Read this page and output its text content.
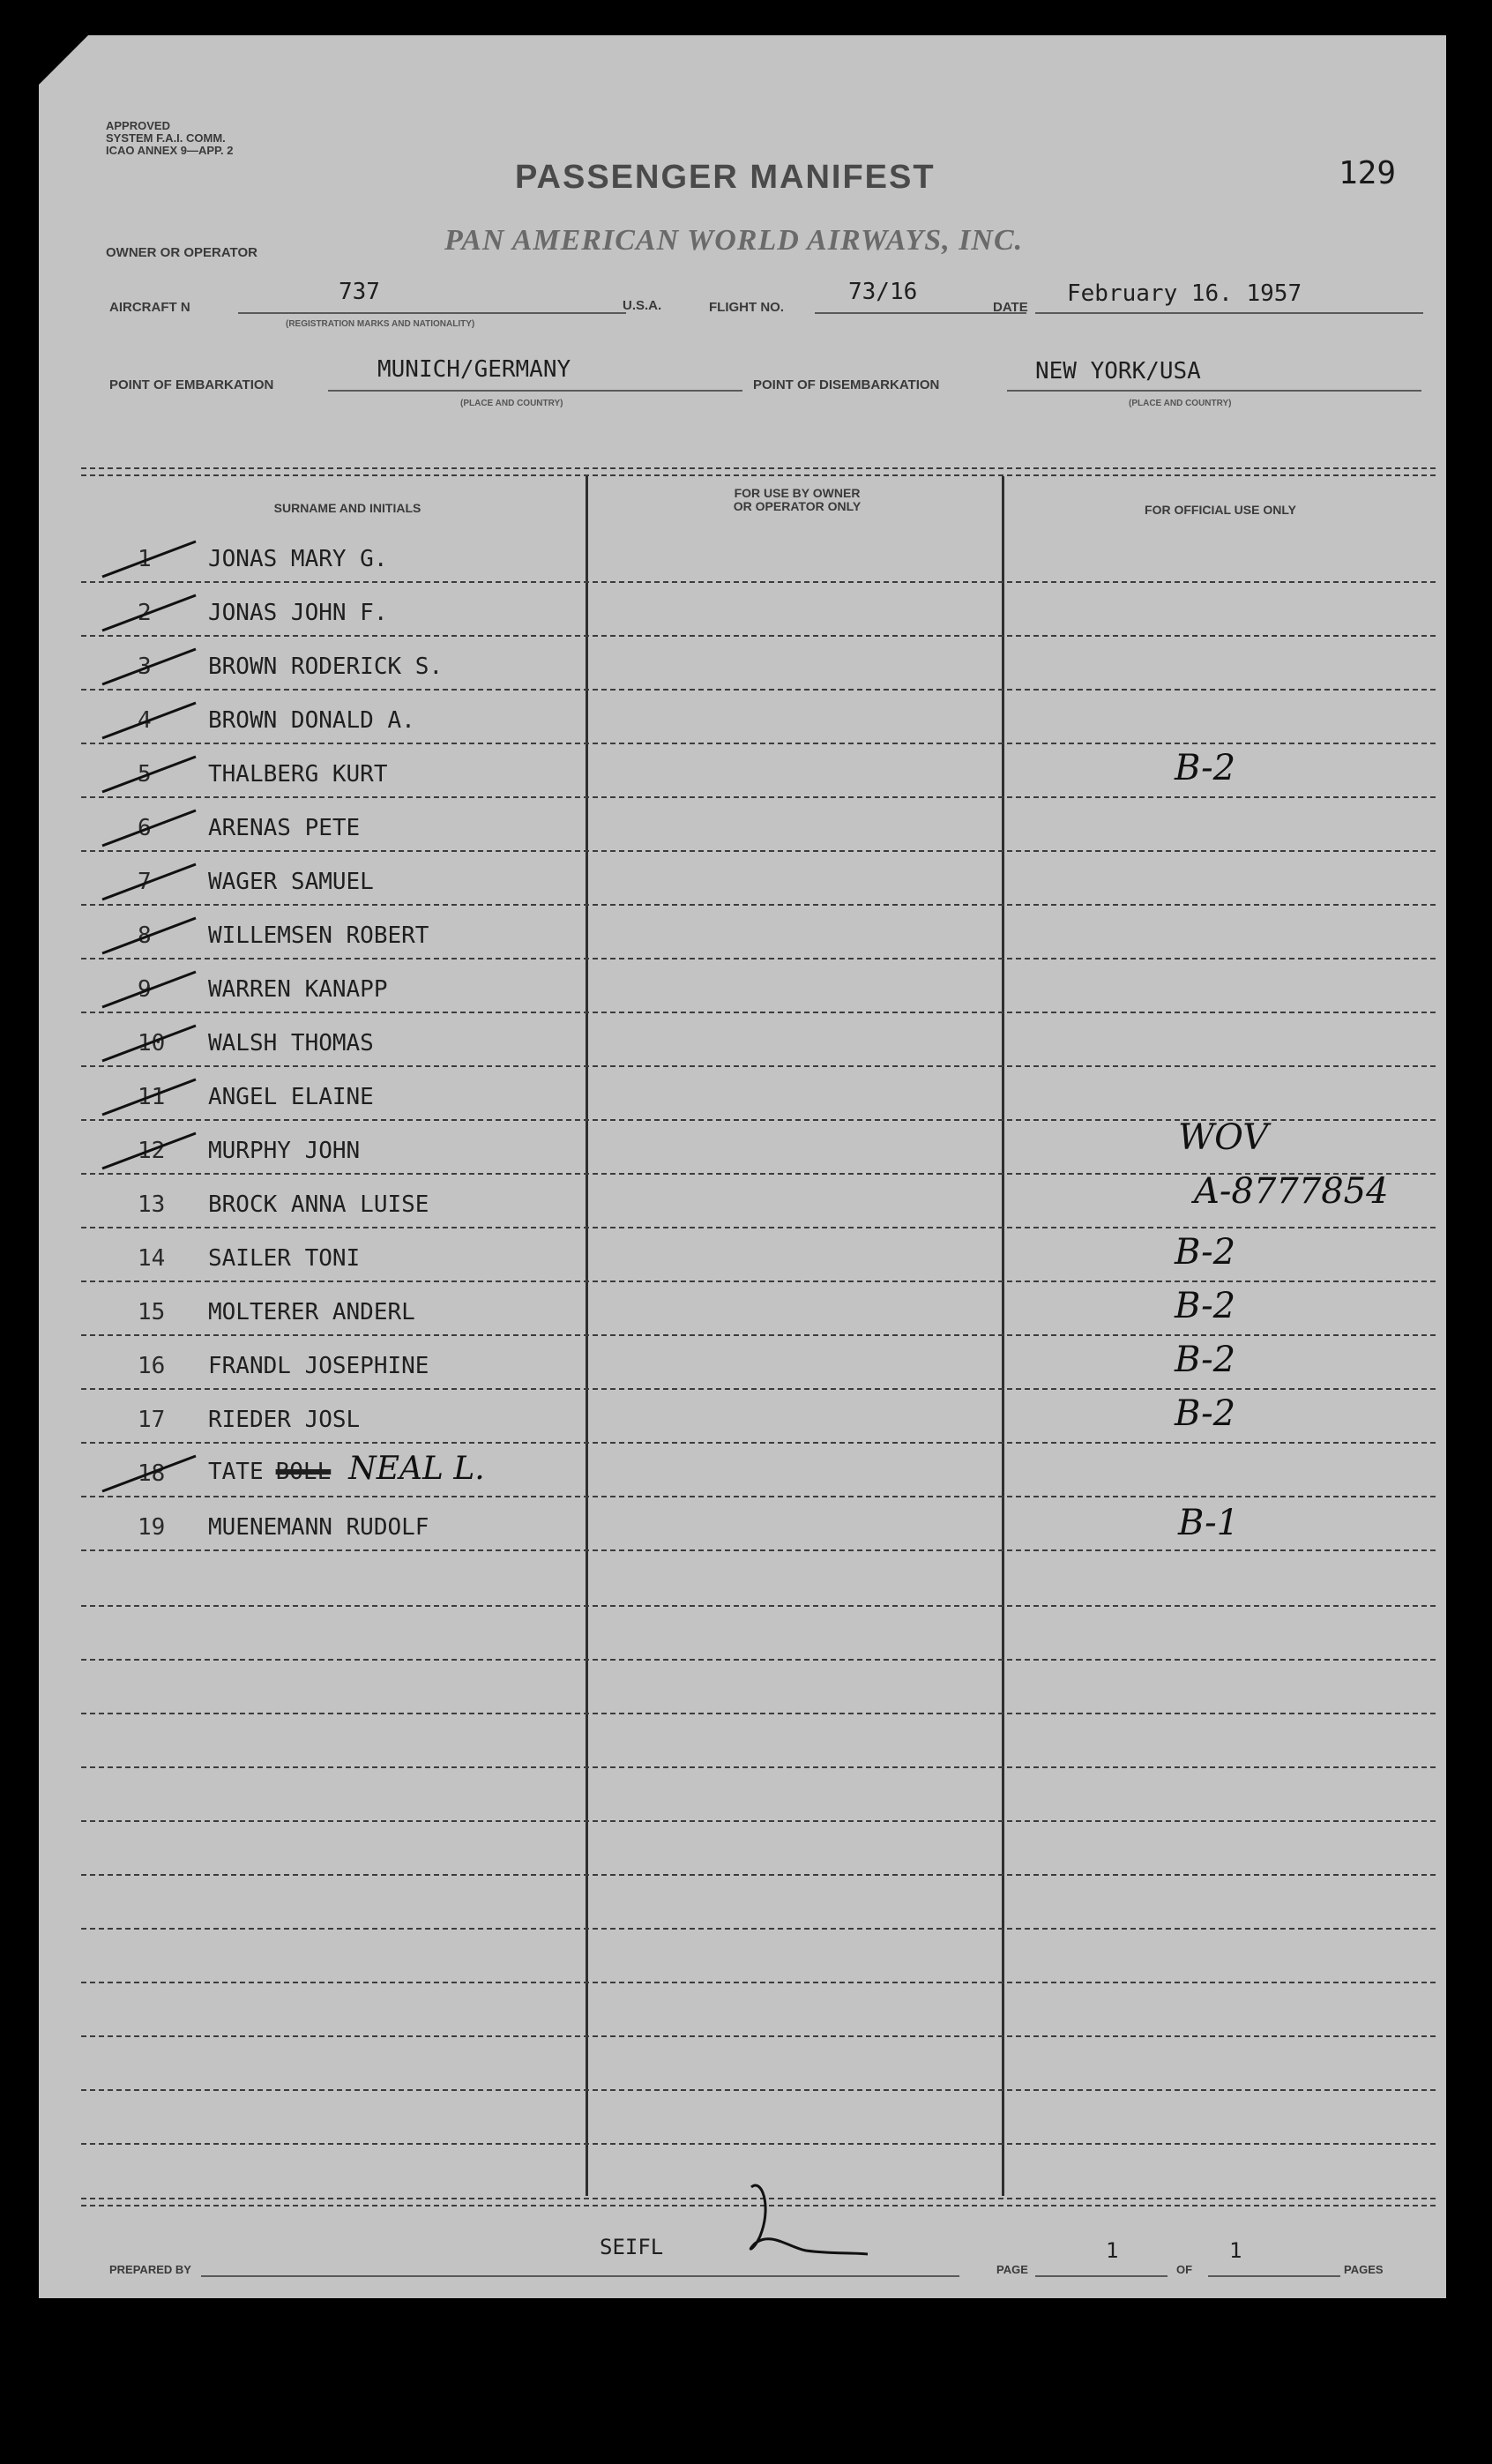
APPROVED
SYSTEM F.A.I. COMM.
ICAO ANNEX 9—APP. 2
PASSENGER MANIFEST	129
OWNER OR OPERATOR	PAN AMERICAN WORLD AIRWAYS, INC.
AIRCRAFT N
737
(REGISTRATION MARKS AND NATIONALITY)
U.S.A.	FLIGHT NO.
73/16
DATE
February 16. 1957
POINT OF EMBARKATION
MUNICH/GERMANY
(PLACE AND COUNTRY)
POINT OF DISEMBARKATION
NEW YORK/USA
(PLACE AND COUNTRY)
SURNAME AND INITIALS
FOR USE BY OWNER
OR OPERATOR ONLY	FOR OFFICIAL USE ONLY
1 JONAS MARY G.
2 JONAS JOHN F.
3 BROWN RODERICK S.
4 BROWN DONALD A.
5 THALBERG KURT	B-2
6 ARENAS PETE
7 WAGER SAMUEL
8 WILLEMSEN ROBERT
9 WARREN KANAPP
10 WALSH THOMAS
11 ANGEL ELAINE
12 MURPHY JOHN	WOV
13 BROCK ANNA LUISE	A-8777854
14 SAILER TONI	B-2
15 MOLTERER ANDERL	B-2
16 FRANDL JOSEPHINE	B-2
17 RIEDER JOSL	B-2
18 TATE BOLL NEAL L.
19 MUENEMANN RUDOLF	B-1
SEIFL
PREPARED BY	PAGE
1
OF
1
PAGES
